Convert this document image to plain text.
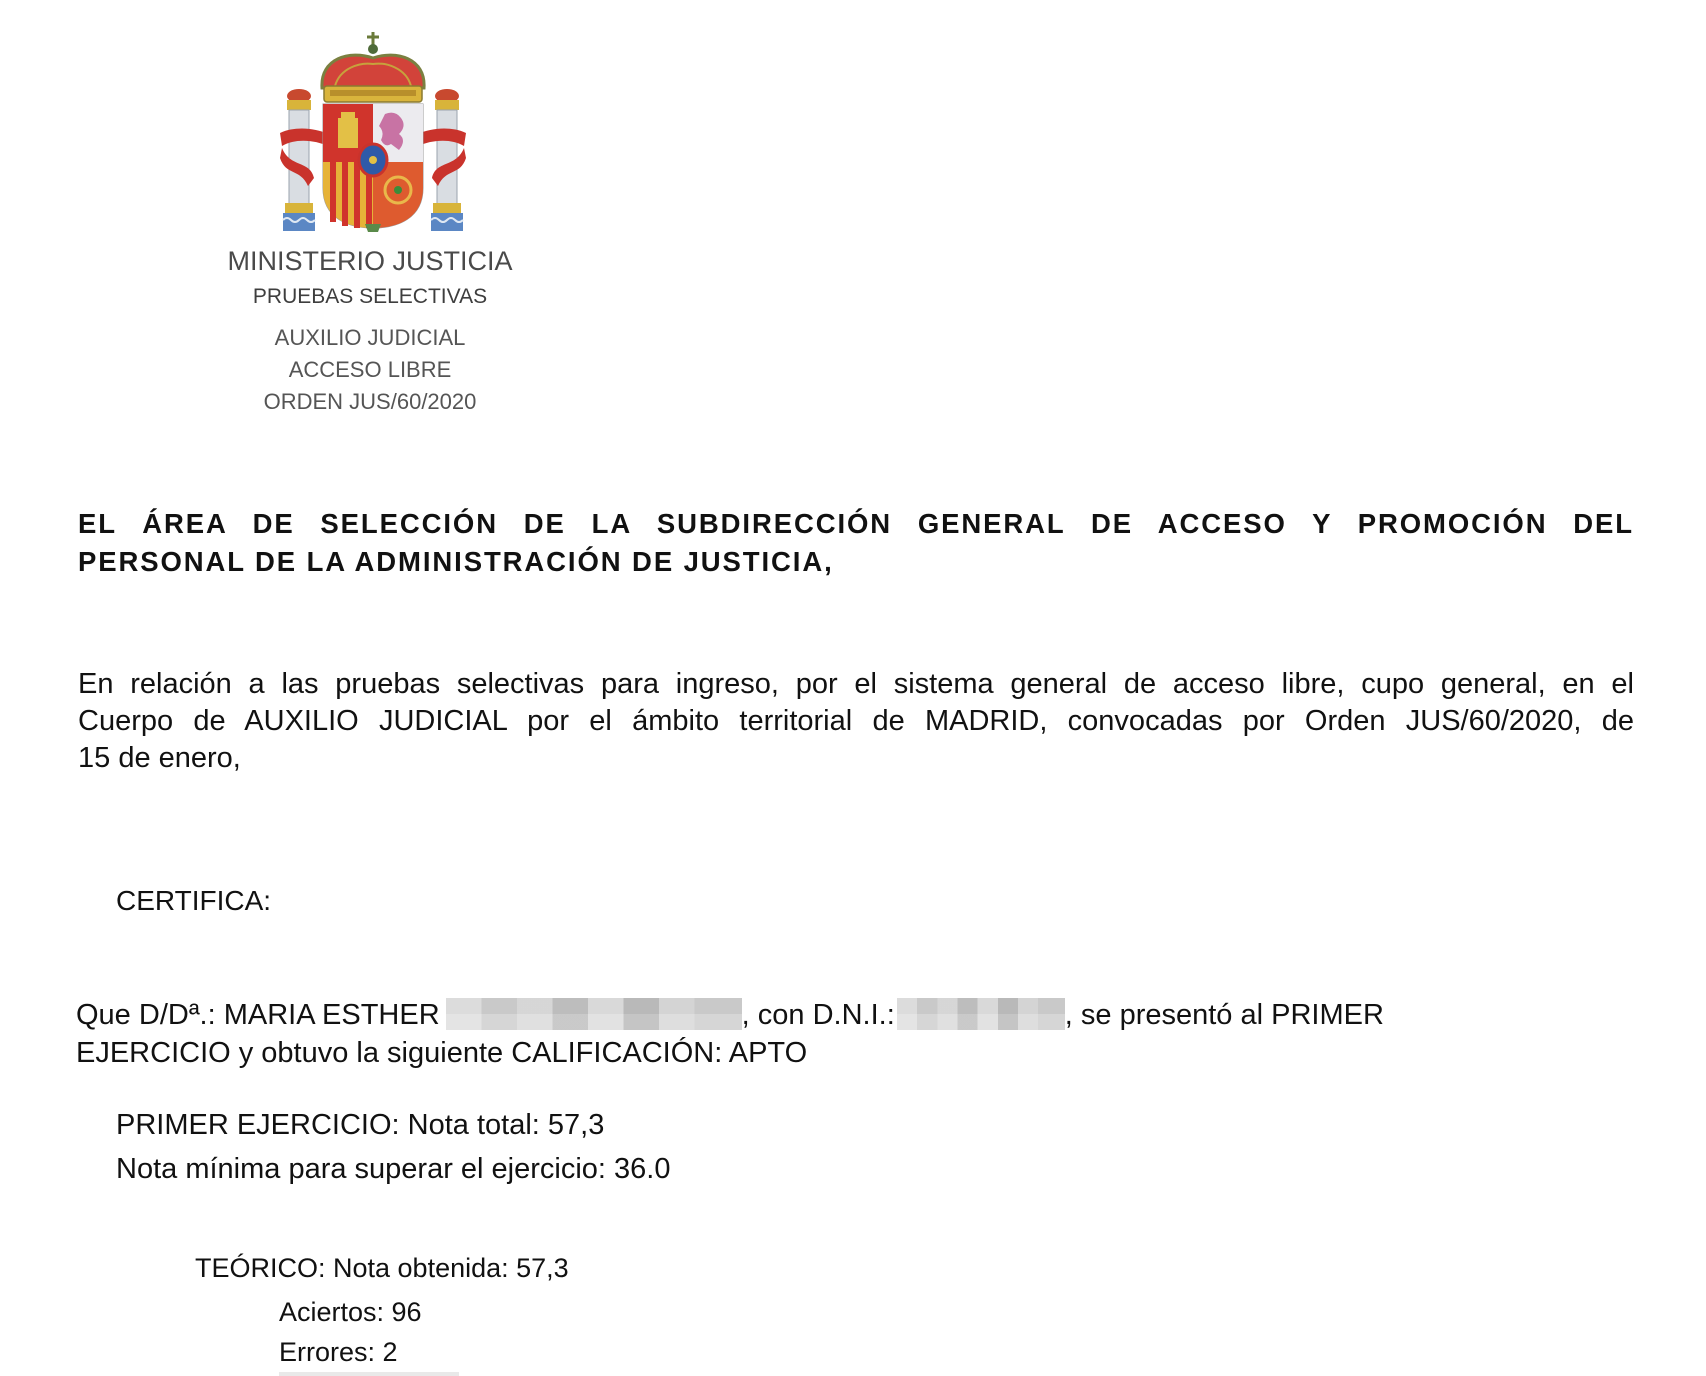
MINISTERIO JUSTICIA
PRUEBAS SELECTIVAS
AUXILIO JUDICIAL
ACCESO LIBRE
ORDEN JUS/60/2020
EL ÁREA DE SELECCIÓN DE LA SUBDIRECCIÓN GENERAL DE ACCESO Y PROMOCIÓN DEL
PERSONAL DE LA ADMINISTRACIÓN DE JUSTICIA,
En relación a las pruebas selectivas para ingreso, por el sistema general de acceso libre, cupo general, en el
Cuerpo de AUXILIO JUDICIAL por el ámbito territorial de MADRID, convocadas por Orden JUS/60/2020, de
15 de enero,
CERTIFICA:
Que D/Dª.: MARIA ESTHER	, con D.N.I.:	, se presentó al PRIMER
EJERCICIO y obtuvo la siguiente CALIFICACIÓN: APTO
PRIMER EJERCICIO: Nota total: 57,3
Nota mínima para superar el ejercicio: 36.0
TEÓRICO: Nota obtenida: 57,3
Aciertos: 96
Errores: 2
